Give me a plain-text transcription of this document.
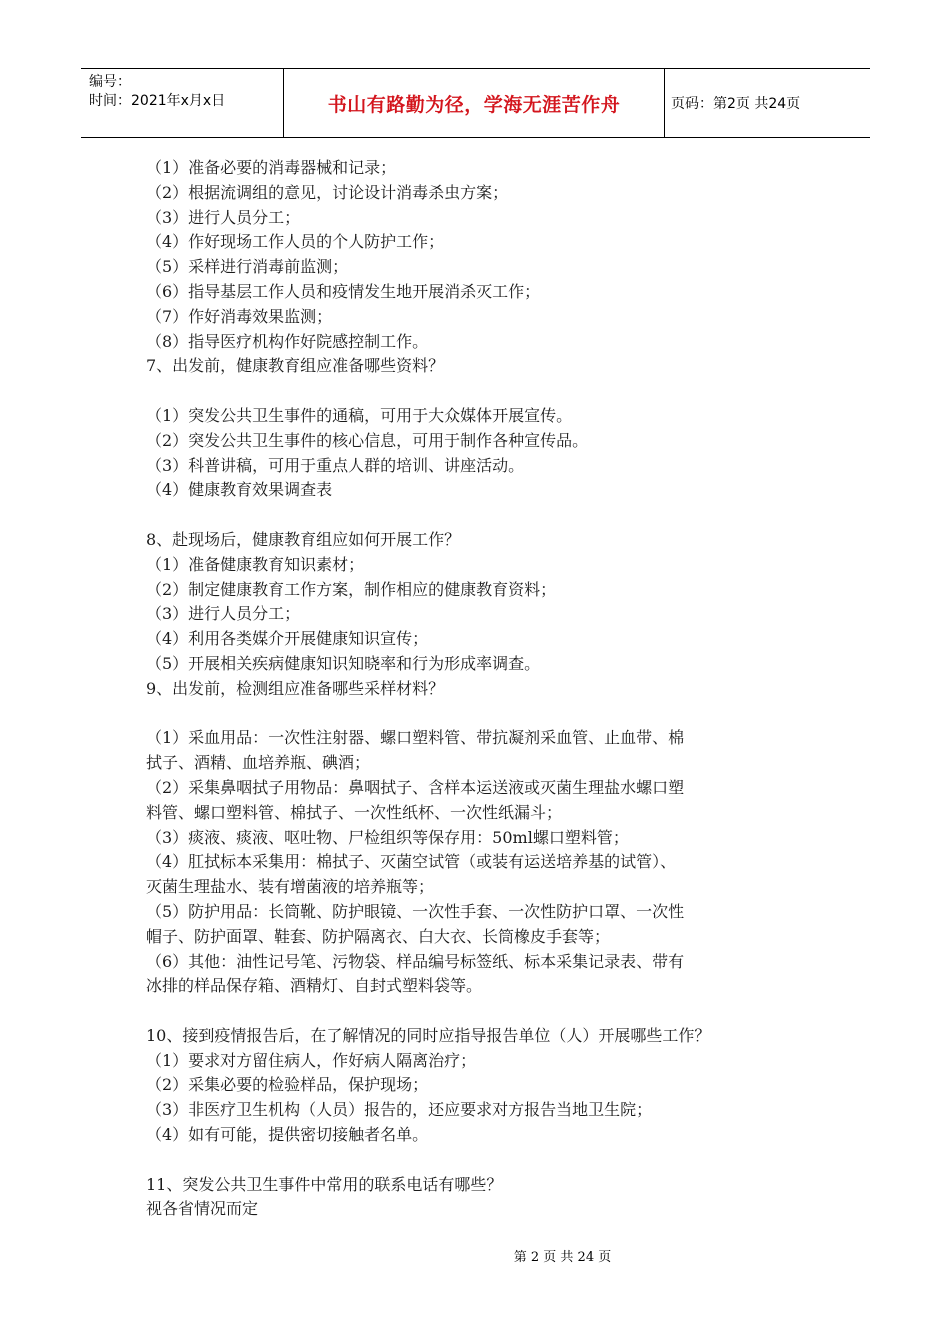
编号：
时间：2021年x月x日	书山有路勤为径，学海无涯苦作舟	页码：第2页 共24页

（1）准备必要的消毒器械和记录；

（2）根据流调组的意见，讨论设计消毒杀虫方案；

（3）进行人员分工；

（4）作好现场工作人员的个人防护工作；

（5）采样进行消毒前监测；

（6）指导基层工作人员和疫情发生地开展消杀灭工作；

（7）作好消毒效果监测；

（8）指导医疗机构作好院感控制工作。

7、出发前，健康教育组应准备哪些资料？

（1）突发公共卫生事件的通稿，可用于大众媒体开展宣传。

（2）突发公共卫生事件的核心信息，可用于制作各种宣传品。

（3）科普讲稿，可用于重点人群的培训、讲座活动。

（4）健康教育效果调查表

8、赴现场后，健康教育组应如何开展工作？

（1）准备健康教育知识素材；

（2）制定健康教育工作方案，制作相应的健康教育资料；

（3）进行人员分工；

（4）利用各类媒介开展健康知识宣传；

（5）开展相关疾病健康知识知晓率和行为形成率调查。

9、出发前，检测组应准备哪些采样材料？

（1）采血用品：一次性注射器、螺口塑料管、带抗凝剂采血管、止血带、棉

拭子、酒精、血培养瓶、碘酒；

（2）采集鼻咽拭子用物品：鼻咽拭子、含样本运送液或灭菌生理盐水螺口塑

料管、螺口塑料管、棉拭子、一次性纸杯、一次性纸漏斗；

（3）痰液、痰液、呕吐物、尸检组织等保存用：50ml螺口塑料管；

（4）肛拭标本采集用：棉拭子、灭菌空试管（或装有运送培养基的试管）、

灭菌生理盐水、装有增菌液的培养瓶等；

（5）防护用品：长筒靴、防护眼镜、一次性手套、一次性防护口罩、一次性

帽子、防护面罩、鞋套、防护隔离衣、白大衣、长筒橡皮手套等；

（6）其他：油性记号笔、污物袋、样品编号标签纸、标本采集记录表、带有

冰排的样品保存箱、酒精灯、自封式塑料袋等。

10、接到疫情报告后，在了解情况的同时应指导报告单位（人）开展哪些工作？

（1）要求对方留住病人，作好病人隔离治疗；

（2）采集必要的检验样品，保护现场；

（3）非医疗卫生机构（人员）报告的，还应要求对方报告当地卫生院；

（4）如有可能，提供密切接触者名单。

11、突发公共卫生事件中常用的联系电话有哪些？

视各省情况而定

第 2 页 共 24 页
